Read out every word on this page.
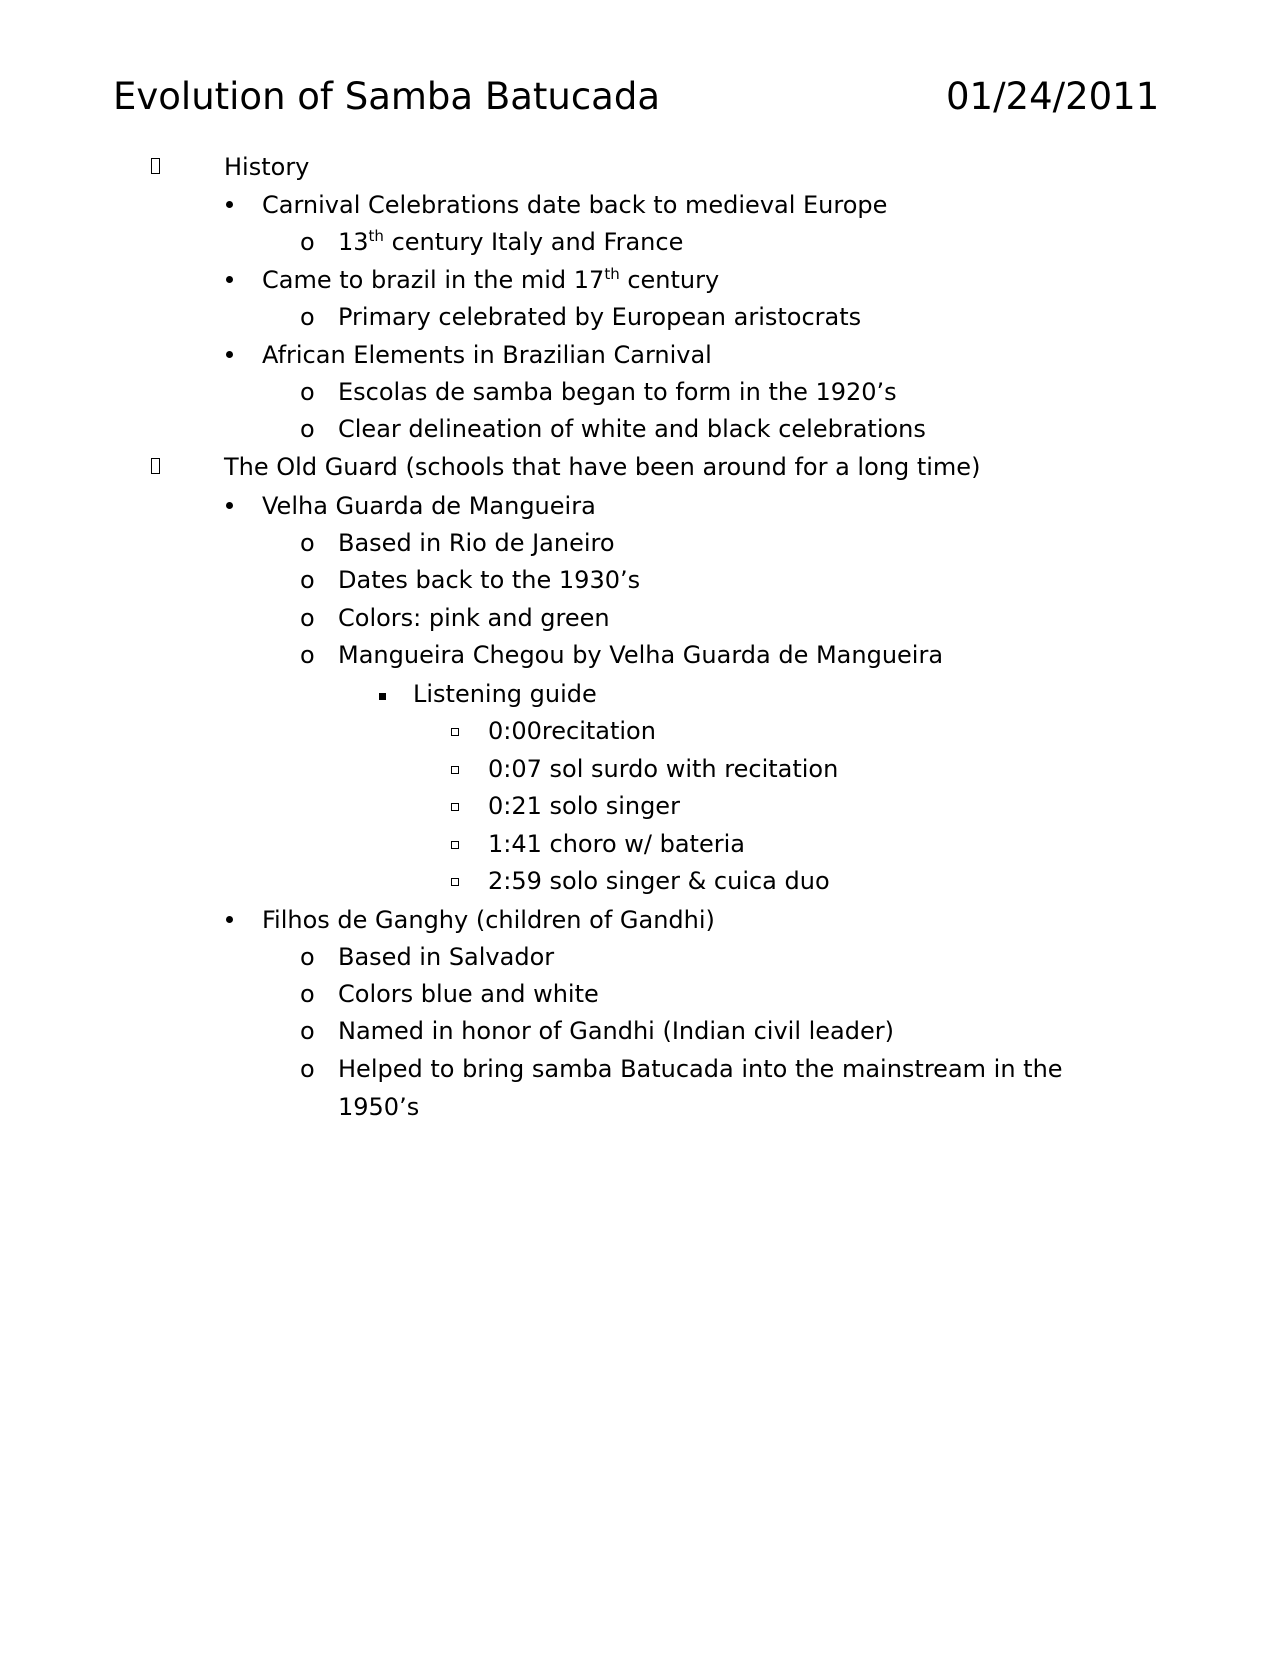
Evolution of Samba Batucada	01/24/2011
History
Carnival Celebrations date back to medieval Europe
o 13th century Italy and France
Came to brazil in the mid 17th century
o Primary celebrated by European aristocrats
African Elements in Brazilian Carnival
o Escolas de samba began to form in the 1920’s
o Clear delineation of white and black celebrations
The Old Guard (schools that have been around for a long time)
Velha Guarda de Mangueira
o Based in Rio de Janeiro
o Dates back to the 1930’s
o Colors: pink and green
o Mangueira Chegou by Velha Guarda de Mangueira
Listening guide
0:00recitation
0:07 sol surdo with recitation
0:21 solo singer
1:41 choro w/ bateria
2:59 solo singer & cuica duo
Filhos de Ganghy (children of Gandhi)
o Based in Salvador
o Colors blue and white
o Named in honor of Gandhi (Indian civil leader)
o Helped to bring samba Batucada into the mainstream in the
1950’s
